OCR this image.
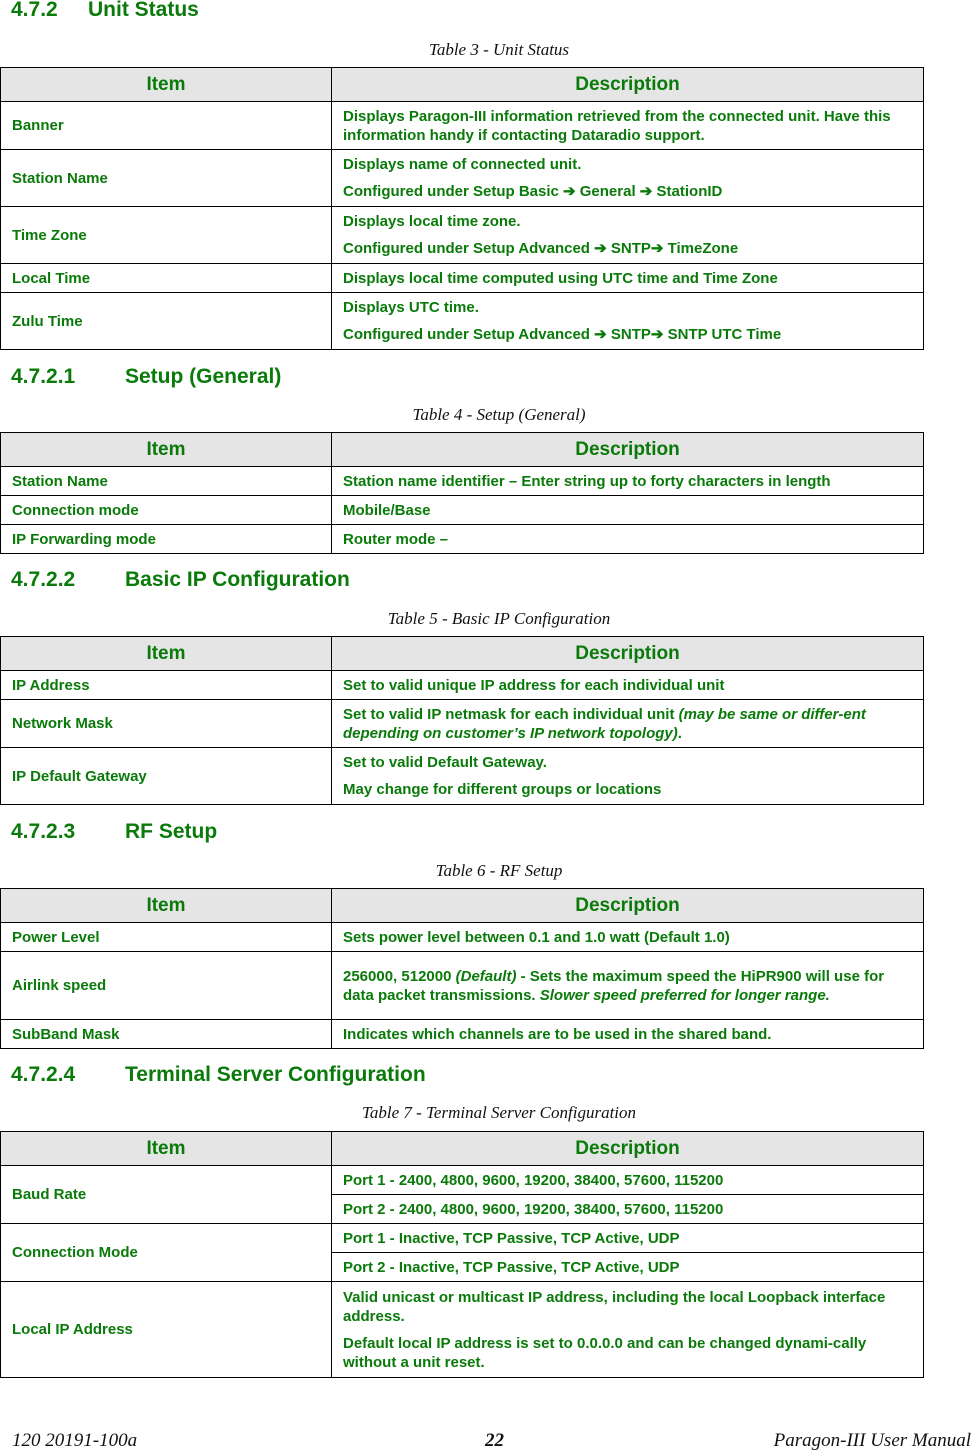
4.7.2 Unit Status
Table 3 - Unit Status
Item	Description
Banner	Displays Paragon-III information retrieved from the connected unit. Have this information handy if contacting Dataradio support.
Station Name	Displays name of connected unit.
Configured under Setup Basic ➔ General ➔ StationID

Time Zone	Displays local time zone.
Configured under Setup Advanced ➔ SNTP➔ TimeZone

Local Time	Displays local time computed using UTC time and Time Zone
Zulu Time	Displays UTC time.
Configured under Setup Advanced ➔ SNTP➔ SNTP UTC Time
4.7.2.1 Setup (General)
Table 4 - Setup (General)
Item	Description
Station Name	Station name identifier – Enter string up to forty characters in length
Connection mode	Mobile/Base
IP Forwarding mode	Router mode –
4.7.2.2 Basic IP Configuration
Table 5 - Basic IP Configuration
Item	Description
IP Address	Set to valid unique IP address for each individual unit
Network Mask	Set to valid IP netmask for each individual unit (may be same or differ-ent depending on customer’s IP network topology).
IP Default Gateway	Set to valid Default Gateway.
May change for different groups or locations
4.7.2.3 RF Setup
Table 6 - RF Setup
Item	Description
Power Level	Sets power level between 0.1 and 1.0 watt (Default 1.0)
Airlink speed	256000, 512000 (Default) - Sets the maximum speed the HiPR900 will use for data packet transmissions. Slower speed preferred for longer range.
SubBand Mask	Indicates which channels are to be used in the shared band.
4.7.2.4 Terminal Server Configuration
Table 7 - Terminal Server Configuration
Item	Description
Baud Rate	Port 1 - 2400, 4800, 9600, 19200, 38400, 57600, 115200
	Port 2 - 2400, 4800, 9600, 19200, 38400, 57600, 115200
Connection Mode	Port 1 - Inactive, TCP Passive, TCP Active, UDP
	Port 2 - Inactive, TCP Passive, TCP Active, UDP
Local IP Address	Valid unicast or multicast IP address, including the local Loopback interface address.
Default local IP address is set to 0.0.0.0 and can be changed dynami-cally without a unit reset.
120 20191-100a	22	Paragon-III User Manual
